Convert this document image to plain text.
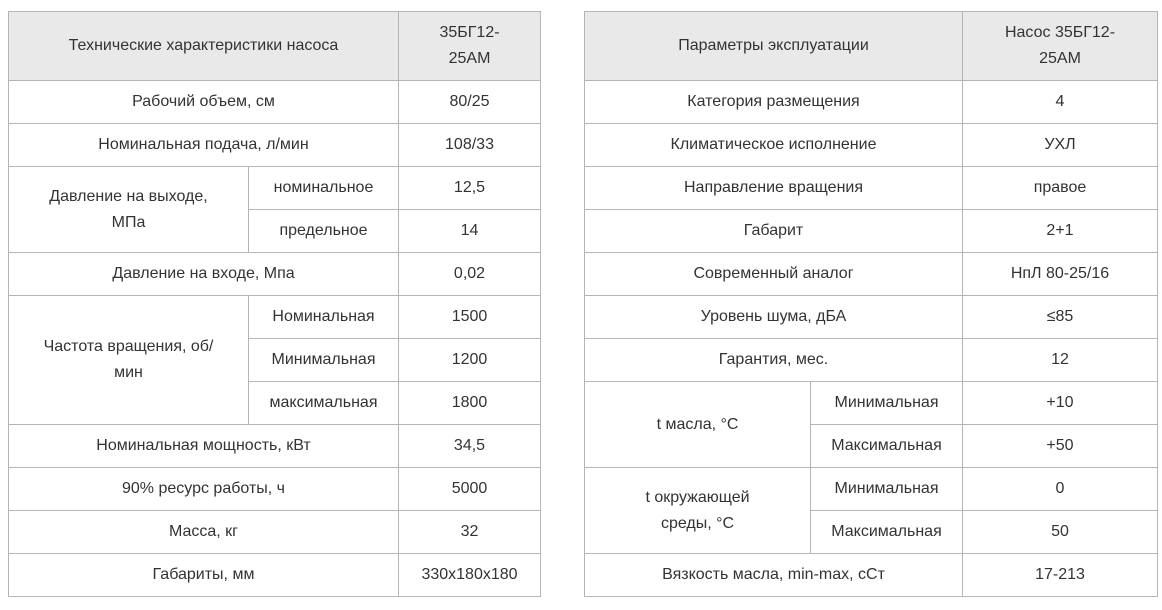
Технические характеристики насоса		35БГ12-25АМ
Рабочий объем, см		80/25
Номинальная подача, л/мин		108/33
Давление на выходе, МПа	номинальное	12,5
	предельное	14
Давление на входе, Мпа		0,02
Частота вращения, об/мин	Номинальная	1500
	Минимальная	1200
	максимальная	1800
Номинальная мощность, кВт		34,5
90% ресурс работы, ч		5000
Масса, кг		32
Габариты, мм		330x180x180
Параметры эксплуатации		Насос 35БГ12-25АМ
Категория размещения		4
Климатическое исполнение		УХЛ
Направление вращения		правое
Габарит		2+1
Современный аналог		НпЛ 80-25/16
Уровень шума, дБА		≤85
Гарантия, мес.		12
t масла, °С	Минимальная	+10
	Максимальная	+50
t окружающей среды, °С	Минимальная	0
	Максимальная	50
Вязкость масла, min-max, сСт		17-213
